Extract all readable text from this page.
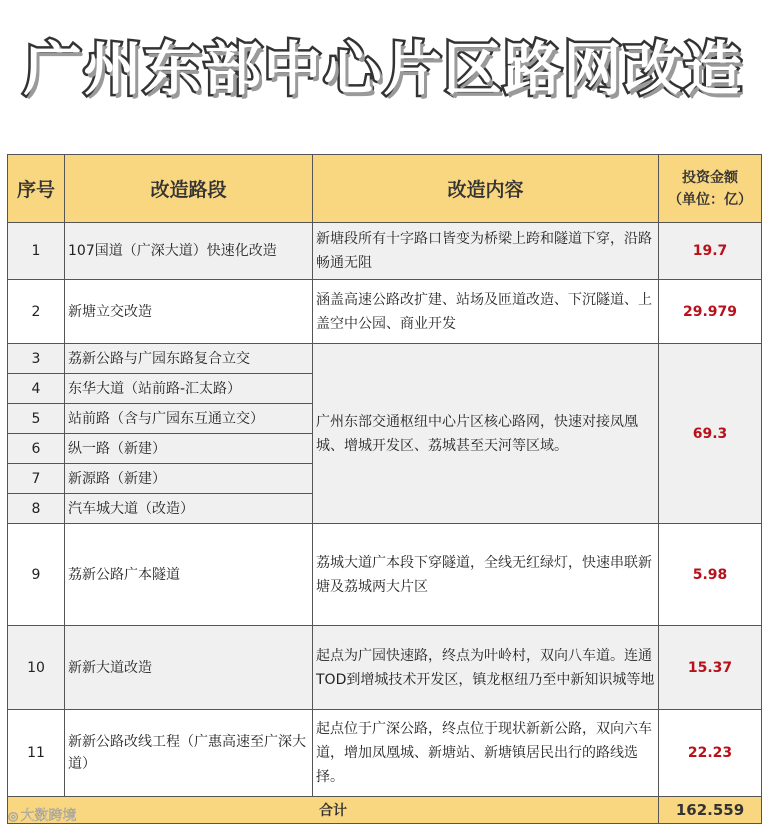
广州东部中心片区路网改造
序号	改造路段	改造内容	投资金额
（单位：亿）

1	107国道（广深大道）快速化改造	新塘段所有十字路口皆变为桥梁上跨和隧道下穿，沿路畅通无阻	19.7
2	新塘立交改造	涵盖高速公路改扩建、站场及匝道改造、下沉隧道、上盖空中公园、商业开发	29.979
3	荔新公路与广园东路复合立交	广州东部交通枢纽中心片区核心路网，快速对接凤凰城、增城开发区、荔城甚至天河等区域。	69.3
4	东华大道（站前路-汇太路）		
5	站前路（含与广园东互通立交）		
6	纵一路（新建）		
7	新源路（新建）		
8	汽车城大道（改造）		
9	荔新公路广本隧道	荔城大道广本段下穿隧道，全线无红绿灯，快速串联新塘及荔城两大片区	5.98
10	新新大道改造	起点为广园快速路，终点为叶岭村，双向八车道。连通TOD到增城技术开发区，镇龙枢纽乃至中新知识城等地	15.37
11	新新公路改线工程（广惠高速至广深大道）	起点位于广深公路，终点位于现状新新公路，双向六车道，增加凤凰城、新塘站、新塘镇居民出行的路线选择。	22.23
合计			162.559
◎ 大数跨境
